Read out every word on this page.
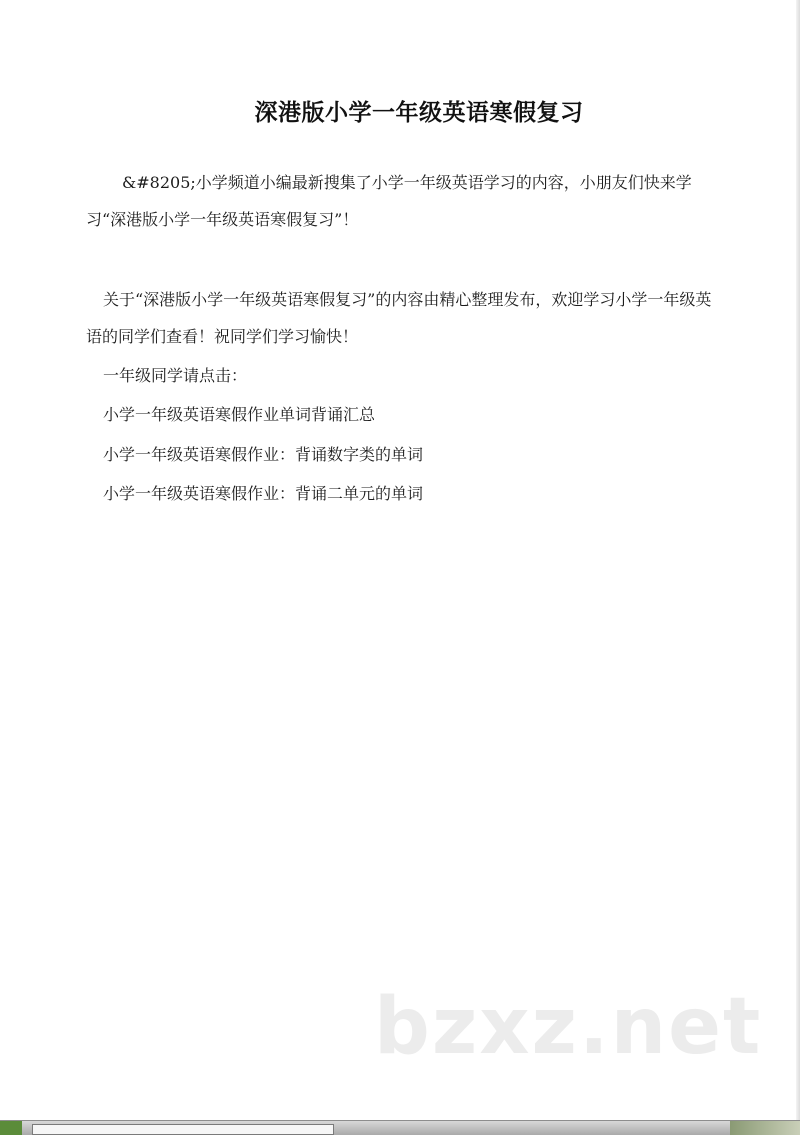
深港版小学一年级英语寒假复习
&#8205;小学频道小编最新搜集了小学一年级英语学习的内容，小朋友们快来学习“深港版小学一年级英语寒假复习”！
关于“深港版小学一年级英语寒假复习”的内容由精心整理发布，欢迎学习小学一年级英语的同学们查看！祝同学们学习愉快！
一年级同学请点击：
小学一年级英语寒假作业单词背诵汇总
小学一年级英语寒假作业：背诵数字类的单词
小学一年级英语寒假作业：背诵二单元的单词
bzxz.net
